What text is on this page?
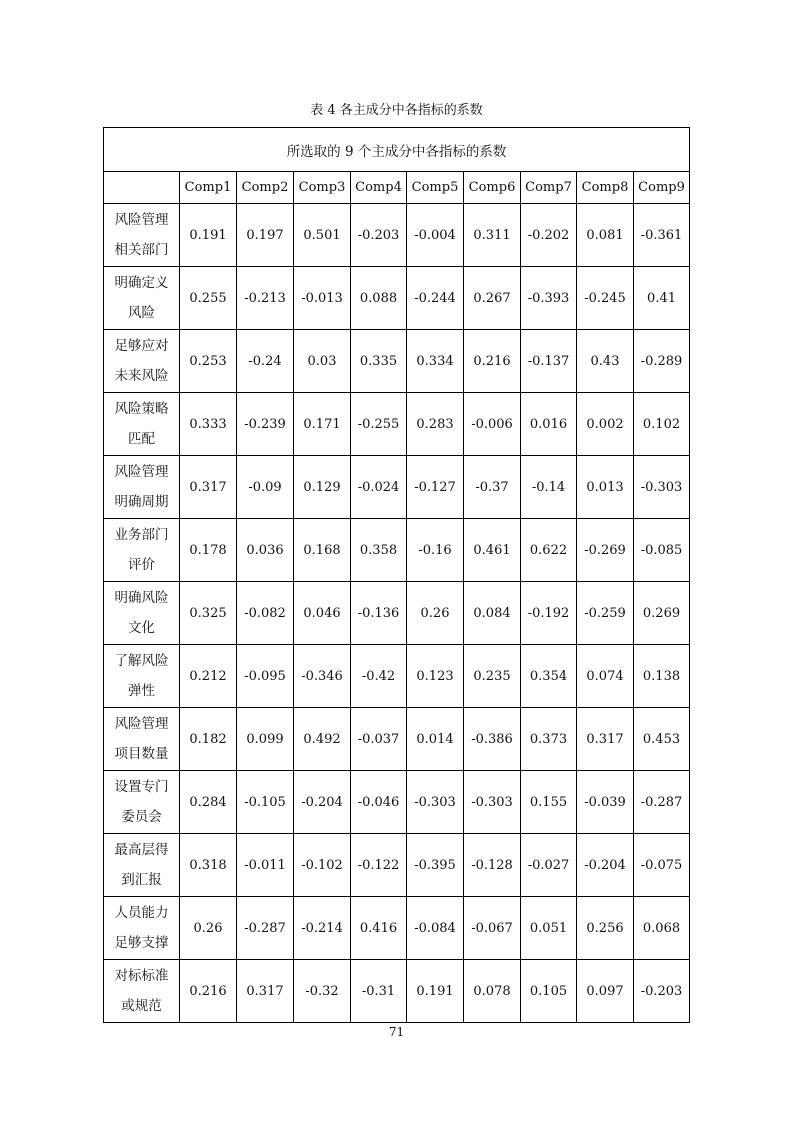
表 4 各主成分中各指标的系数
所选取的 9 个主成分中各指标的系数									
	Comp1	Comp2	Comp3	Comp4	Comp5	Comp6	Comp7	Comp8	Comp9

风险管理
相关部门	0.191	0.197	0.501	-0.203	-0.004	0.311	-0.202	0.081	-0.361

明确定义
风险	0.255	-0.213	-0.013	0.088	-0.244	0.267	-0.393	-0.245	0.41

足够应对
未来风险	0.253	-0.24	0.03	0.335	0.334	0.216	-0.137	0.43	-0.289

风险策略
匹配	0.333	-0.239	0.171	-0.255	0.283	-0.006	0.016	0.002	0.102

风险管理
明确周期	0.317	-0.09	0.129	-0.024	-0.127	-0.37	-0.14	0.013	-0.303

业务部门
评价	0.178	0.036	0.168	0.358	-0.16	0.461	0.622	-0.269	-0.085

明确风险
文化	0.325	-0.082	0.046	-0.136	0.26	0.084	-0.192	-0.259	0.269

了解风险
弹性	0.212	-0.095	-0.346	-0.42	0.123	0.235	0.354	0.074	0.138

风险管理
项目数量	0.182	0.099	0.492	-0.037	0.014	-0.386	0.373	0.317	0.453

设置专门
委员会	0.284	-0.105	-0.204	-0.046	-0.303	-0.303	0.155	-0.039	-0.287

最高层得
到汇报	0.318	-0.011	-0.102	-0.122	-0.395	-0.128	-0.027	-0.204	-0.075

人员能力
足够支撑	0.26	-0.287	-0.214	0.416	-0.084	-0.067	0.051	0.256	0.068

对标标准
或规范	0.216	0.317	-0.32	-0.31	0.191	0.078	0.105	0.097	-0.203
71
